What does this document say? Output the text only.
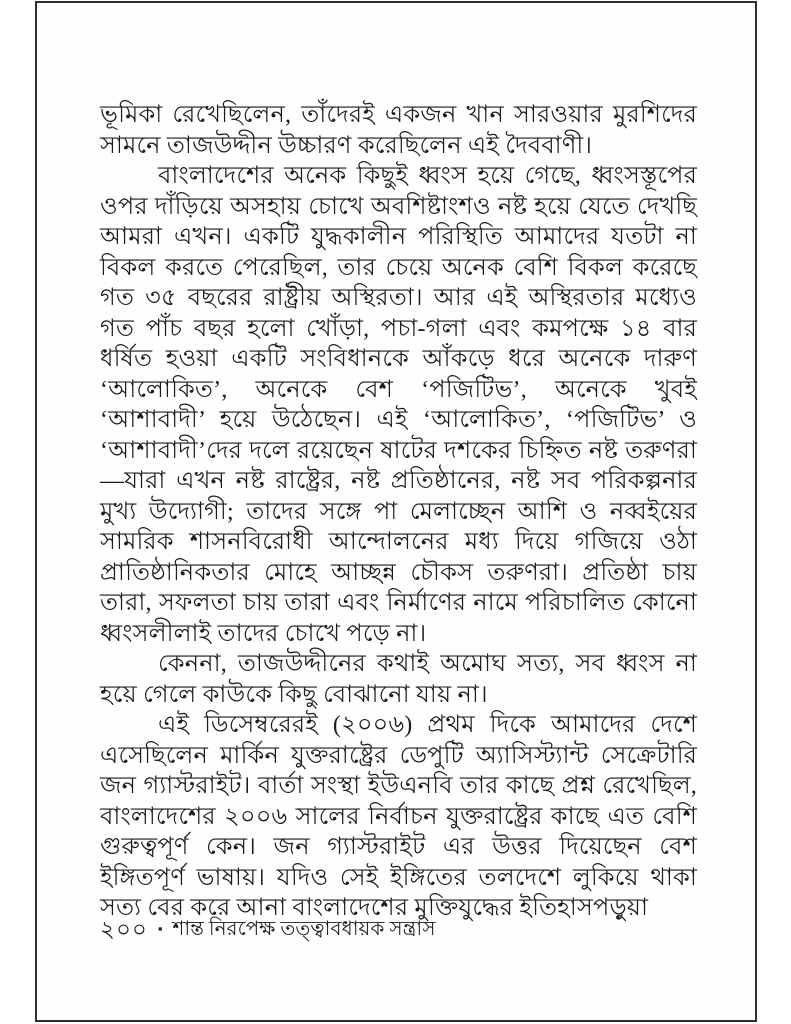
ভূমিকা রেখেছিলেন, তাঁদেরই একজন খান সারওয়ার মুরশিদের সামনে তাজউদ্দীন উচ্চারণ করেছিলেন এই দৈববাণী।

বাংলাদেশের অনেক কিছুই ধ্বংস হয়ে গেছে, ধ্বংসস্তূপের ওপর দাঁড়িয়ে অসহায় চোখে অবশিষ্টাংশও নষ্ট হয়ে যেতে দেখছি আমরা এখন। একটি যুদ্ধকালীন পরিস্থিতি আমাদের যতটা না বিকল করতে পেরেছিল, তার চেয়ে অনেক বেশি বিকল করেছে গত ৩৫ বছরের রাষ্ট্রীয় অস্থিরতা। আর এই অস্থিরতার মধ্যেও গত পাঁচ বছর হলো খোঁড়া, পচা-গলা এবং কমপক্ষে ১৪ বার ধর্ষিত হওয়া একটি সংবিধানকে আঁকড়ে ধরে অনেকে দারুণ ‘আলোকিত’, অনেকে বেশ ‘পজিটিভ’, অনেকে খুবই ‘আশাবাদী’ হয়ে উঠেছেন। এই ‘আলোকিত’, ‘পজিটিভ’ ও ‘আশাবাদী’দের দলে রয়েছেন ষাটের দশকের চিহ্নিত নষ্ট তরুণরা—যারা এখন নষ্ট রাষ্ট্রের, নষ্ট প্রতিষ্ঠানের, নষ্ট সব পরিকল্পনার মুখ্য উদ্যোগী; তাদের সঙ্গে পা মেলাচ্ছেন আশি ও নব্বইয়ের সামরিক শাসনবিরোধী আন্দোলনের মধ্য দিয়ে গজিয়ে ওঠা প্রাতিষ্ঠানিকতার মোহে আচ্ছন্ন চৌকস তরুণরা। প্রতিষ্ঠা চায় তারা, সফলতা চায় তারা এবং নির্মাণের নামে পরিচালিত কোনো ধ্বংসলীলাই তাদের চোখে পড়ে না।

কেননা, তাজউদ্দীনের কথাই অমোঘ সত্য, সব ধ্বংস না হয়ে গেলে কাউকে কিছু বোঝানো যায় না।

এই ডিসেম্বরেরই (২০০৬) প্রথম দিকে আমাদের দেশে এসেছিলেন মার্কিন যুক্তরাষ্ট্রের ডেপুটি অ্যাসিস্ট্যান্ট সেক্রেটারি জন গ্যাস্টরাইট। বার্তা সংস্থা ইউএনবি তার কাছে প্রশ্ন রেখেছিল, বাংলাদেশের ২০০৬ সালের নির্বাচন যুক্তরাষ্ট্রের কাছে এত বেশি গুরুত্বপূর্ণ কেন। জন গ্যাস্টরাইট এর উত্তর দিয়েছেন বেশ ইঙ্গিতপূর্ণ ভাষায়। যদিও সেই ইঙ্গিতের তলদেশে লুকিয়ে থাকা সত্য বের করে আনা বাংলাদেশের মুক্তিযুদ্ধের ইতিহাসপড়ুয়া

২০০ ▪ শান্ত নিরপেক্ষ তত্ত্বাবধায়ক সন্ত্রাস
